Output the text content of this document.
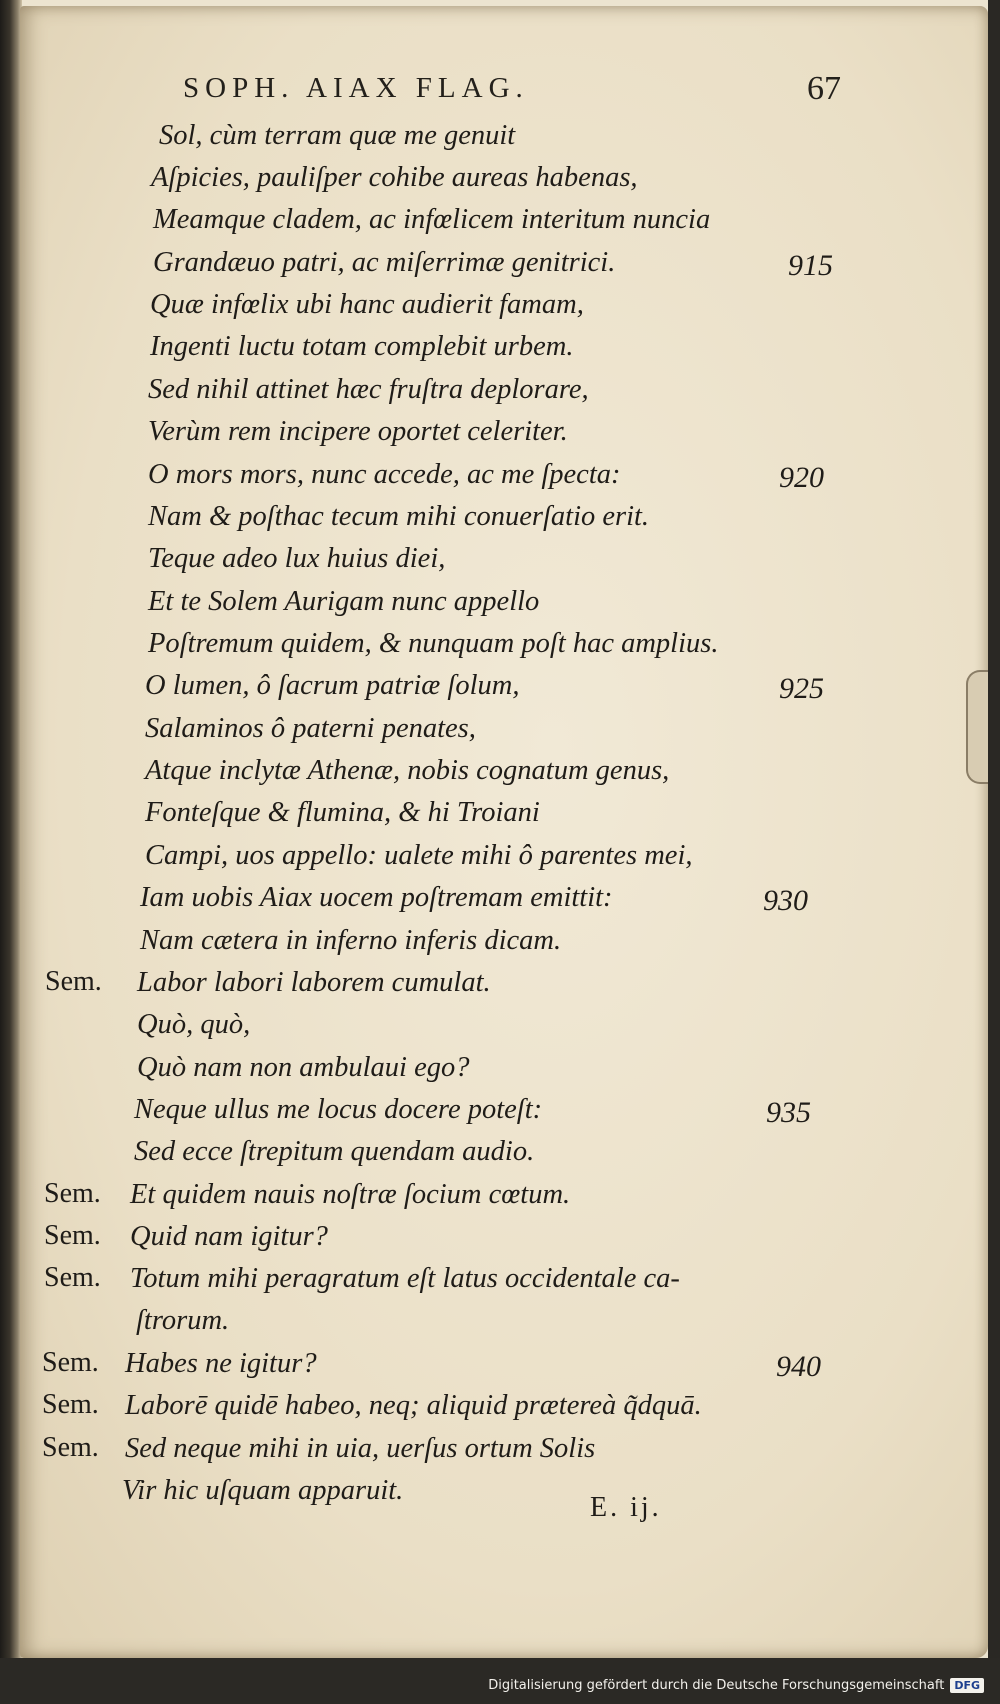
SOPH. AIAX FLAG.	67
Sol, cùm terram quæ me genuit
Aſpicies, pauliſper cohibe aureas habenas,
Meamque cladem, ac infœlicem interitum nuncia
Grandæuo patri, ac miſerrimæ genitrici.	915
Quæ infœlix ubi hanc audierit famam,
Ingenti luctu totam complebit urbem.
Sed nihil attinet hæc fruſtra deplorare,
Verùm rem incipere oportet celeriter.
O mors mors, nunc accede, ac me ſpecta:	920
Nam & poſthac tecum mihi conuerſatio erit.
Teque adeo lux huius diei,
Et te Solem Aurigam nunc appello
Poſtremum quidem, & nunquam poſt hac amplius.
O lumen, ô ſacrum patriæ ſolum,	925
Salaminos ô paterni penates,
Atque inclytæ Athenæ, nobis cognatum genus,
Fonteſque & flumina, & hi Troiani
Campi, uos appello: ualete mihi ô parentes mei,
Iam uobis Aiax uocem poſtremam emittit:	930
Nam cætera in inferno inferis dicam.
Sem. Labor labori laborem cumulat.
Quò, quò,
Quò nam non ambulaui ego?
Neque ullus me locus docere poteſt:	935
Sed ecce ſtrepitum quendam audio.
Sem. Et quidem nauis noſtræ ſocium cœtum.
Sem. Quid nam igitur?
Sem. Totum mihi peragratum eſt latus occidentale ca-
ſtrorum.
Sem. Habes ne igitur?	940
Sem. Laborē quidē habeo, neq; aliquid prætereà q̃dquā.
Sem. Sed neque mihi in uia, uerſus ortum Solis
Vir hic uſquam apparuit.
E. ij.
Digitalisierung gefördert durch die Deutsche Forschungsgemeinschaft DFG
